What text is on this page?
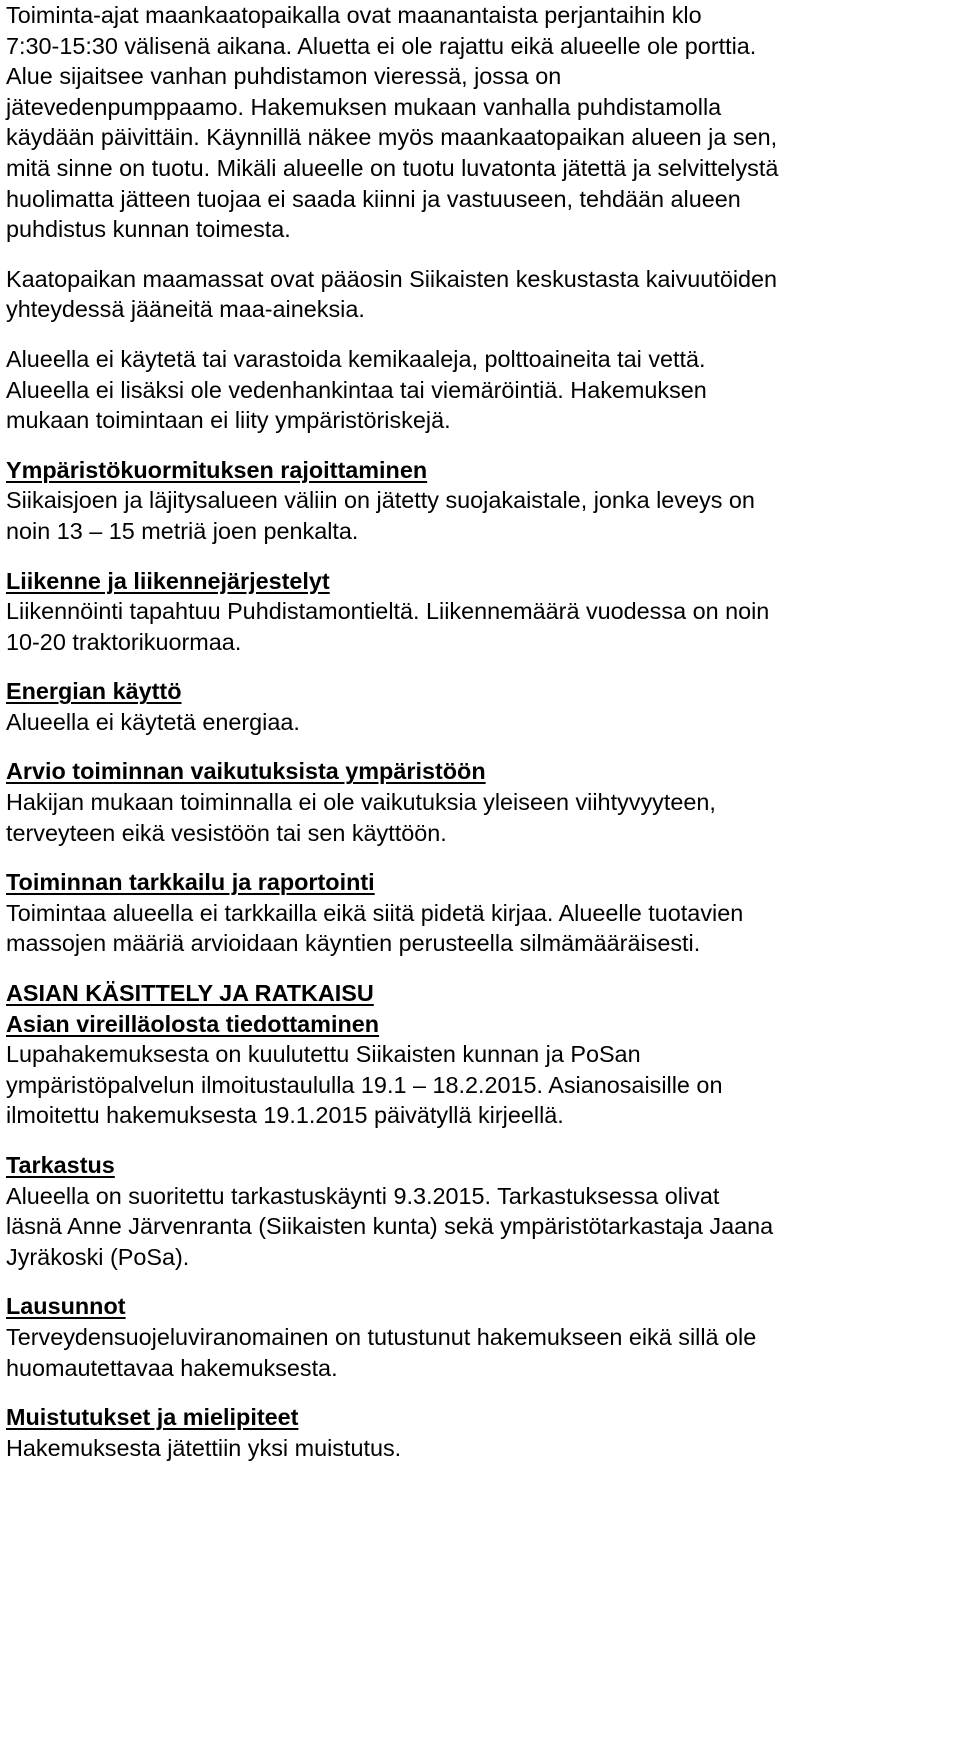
Toiminta-ajat maankaatopaikalla ovat maanantaista perjantaihin klo

7:30-15:30 välisenä aikana. Aluetta ei ole rajattu eikä alueelle ole porttia.

Alue sijaitsee vanhan puhdistamon vieressä, jossa on

jätevedenpumppaamo. Hakemuksen mukaan vanhalla puhdistamolla

käydään päivittäin. Käynnillä näkee myös maankaatopaikan alueen ja sen,

mitä sinne on tuotu. Mikäli alueelle on tuotu luvatonta jätettä ja selvittelystä

huolimatta jätteen tuojaa ei saada kiinni ja vastuuseen, tehdään alueen

puhdistus kunnan toimesta.

Kaatopaikan maamassat ovat pääosin Siikaisten keskustasta kaivuutöiden

yhteydessä jääneitä maa-aineksia.

Alueella ei käytetä tai varastoida kemikaaleja, polttoaineita tai vettä.

Alueella ei lisäksi ole vedenhankintaa tai viemäröintiä. Hakemuksen

mukaan toimintaan ei liity ympäristöriskejä.

Ympäristökuormituksen rajoittaminen

Siikaisjoen ja läjitysalueen väliin on jätetty suojakaistale, jonka leveys on

noin 13 – 15 metriä joen penkalta.

Liikenne ja liikennejärjestelyt

Liikennöinti tapahtuu Puhdistamontieltä. Liikennemäärä vuodessa on noin

10-20 traktorikuormaa.

Energian käyttö

Alueella ei käytetä energiaa.

Arvio toiminnan vaikutuksista ympäristöön

Hakijan mukaan toiminnalla ei ole vaikutuksia yleiseen viihtyvyyteen,

terveyteen eikä vesistöön tai sen käyttöön.

Toiminnan tarkkailu ja raportointi

Toimintaa alueella ei tarkkailla eikä siitä pidetä kirjaa. Alueelle tuotavien

massojen määriä arvioidaan käyntien perusteella silmämääräisesti.

ASIAN KÄSITTELY JA RATKAISU

Asian vireilläolosta tiedottaminen

Lupahakemuksesta on kuulutettu Siikaisten kunnan ja PoSan

ympäristöpalvelun ilmoitustaululla 19.1 – 18.2.2015. Asianosaisille on

ilmoitettu hakemuksesta 19.1.2015 päivätyllä kirjeellä.

Tarkastus

Alueella on suoritettu tarkastuskäynti 9.3.2015. Tarkastuksessa olivat

läsnä Anne Järvenranta (Siikaisten kunta) sekä ympäristötarkastaja Jaana

Jyräkoski (PoSa).

Lausunnot

Terveydensuojeluviranomainen on tutustunut hakemukseen eikä sillä ole

huomautettavaa hakemuksesta.

Muistutukset ja mielipiteet

Hakemuksesta jätettiin yksi muistutus.
